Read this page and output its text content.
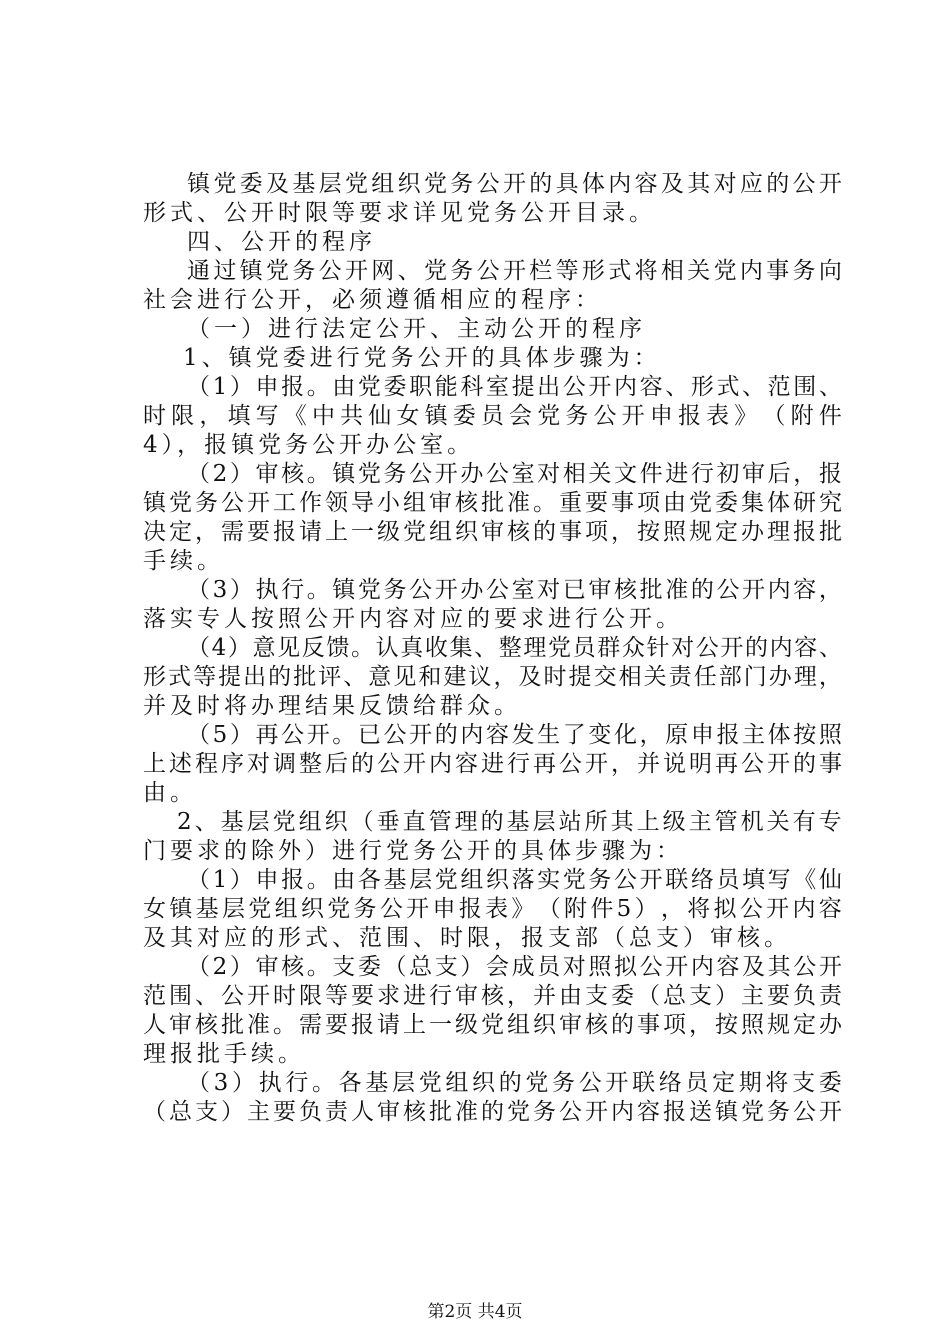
镇 党 委 及 基 层 党 组 织 党 务 公 开 的 具 体 内 容 及 其 对 应 的 公 开
形式、公开时限等要求详见党务公开目录。
四、公开的程序
通 过 镇 党 务 公 开 网 、 党 务 公 开 栏 等 形 式 将 相 关 党 内 事 务 向
社会进行公开，必须遵循相应的程序：
（一）进行法定公开、主动公开的程序
1、镇党委进行党务公开的具体步骤为：
（ 1 ） 申 报 。 由 党 委 职 能 科 室 提 出 公 开 内 容 、 形 式 、 范 围 、
时 限 ， 填 写 《 中 共 仙 女 镇 委 员 会 党 务 公 开 申 报 表 》 （ 附 件
4），报镇党务公开办公室。
（ 2 ） 审 核 。 镇 党 务 公 开 办 公 室 对 相 关 文 件 进 行 初 审 后 ， 报
镇 党 务 公 开 工 作 领 导 小 组 审 核 批 准 。 重 要 事 项 由 党 委 集 体 研 究
决 定 ， 需 要 报 请 上 一 级 党 组 织 审 核 的 事 项 ， 按 照 规 定 办 理 报 批
手续。
（ 3 ） 执 行 。 镇 党 务 公 开 办 公 室 对 已 审 核 批 准 的 公 开 内 容 ，
落实专人按照公开内容对应的要求进行公开。
（ 4 ） 意 见 反 馈 。 认 真 收 集 、 整 理 党 员 群 众 针 对 公 开 的 内 容 、
形 式 等 提 出 的 批 评 、 意 见 和 建 议 ， 及 时 提 交 相 关 责 任 部 门 办 理 ，
并及时将办理结果反馈给群众。
（ 5 ） 再 公 开 。 已 公 开 的 内 容 发 生 了 变 化 ， 原 申 报 主 体 按 照
上 述 程 序 对 调 整 后 的 公 开 内 容 进 行 再 公 开 ， 并 说 明 再 公 开 的 事
由。
2 、 基 层 党 组 织 （ 垂 直 管 理 的 基 层 站 所 其 上 级 主 管 机 关 有 专
门要求的除外）进行党务公开的具体步骤为：
（ 1 ） 申 报 。 由 各 基 层 党 组 织 落 实 党 务 公 开 联 络 员 填 写 《 仙
女 镇 基 层 党 组 织 党 务 公 开 申 报 表 》 （ 附 件 5 ） ， 将 拟 公 开 内 容
及其对应的形式、范围、时限，报支部（总支）审核。
（ 2 ） 审 核 。 支 委 （ 总 支 ） 会 成 员 对 照 拟 公 开 内 容 及 其 公 开
范 围 、 公 开 时 限 等 要 求 进 行 审 核 ， 并 由 支 委 （ 总 支 ） 主 要 负 责
人 审 核 批 准 。 需 要 报 请 上 一 级 党 组 织 审 核 的 事 项 ， 按 照 规 定 办
理报批手续。
（ 3 ） 执 行 。 各 基 层 党 组 织 的 党 务 公 开 联 络 员 定 期 将 支 委
（ 总 支 ） 主 要 负 责 人 审 核 批 准 的 党 务 公 开 内 容 报 送 镇 党 务 公 开
第2页 共4页
